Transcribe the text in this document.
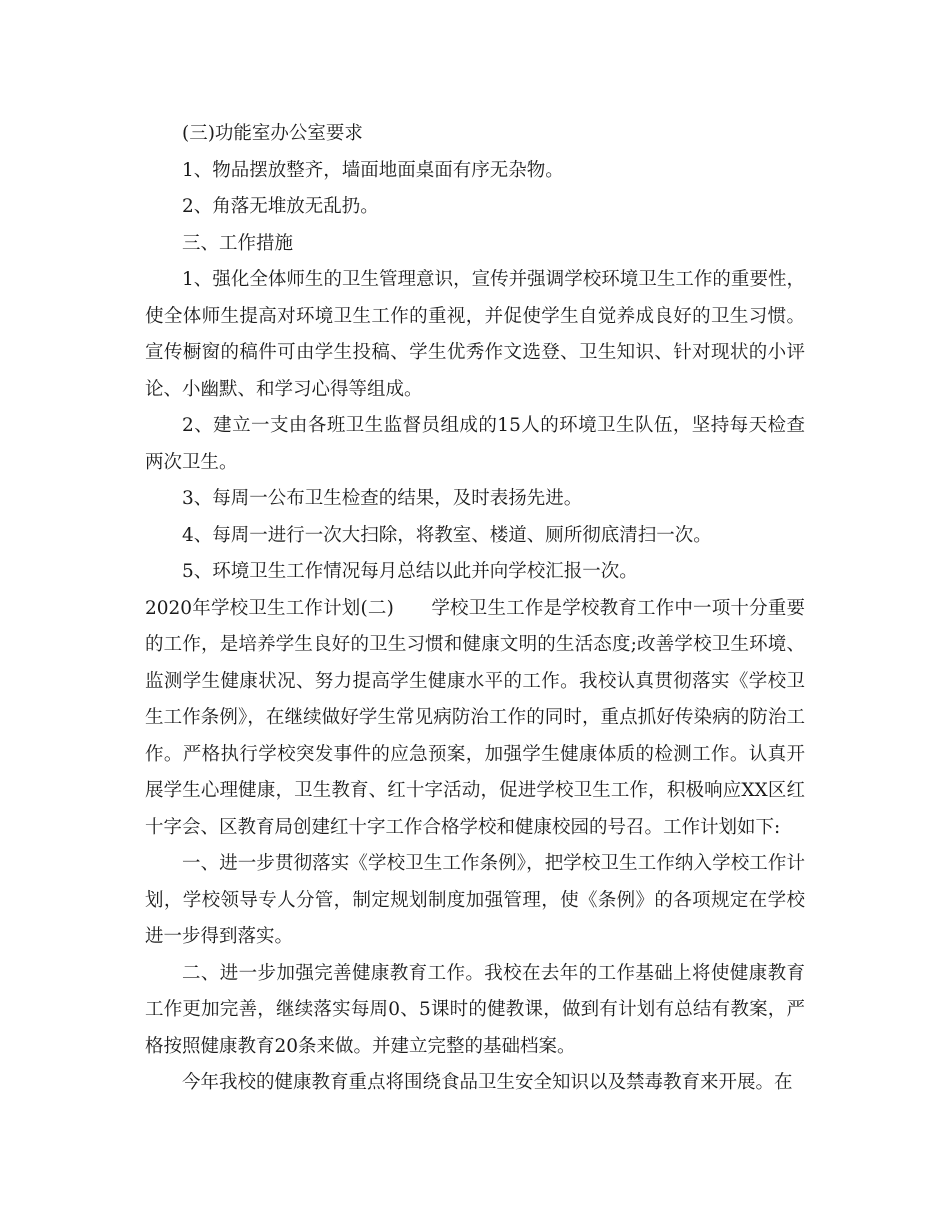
(三)功能室办公室要求

1、物品摆放整齐，墙面地面桌面有序无杂物。

2、角落无堆放无乱扔。

三、工作措施

1、强化全体师生的卫生管理意识，宣传并强调学校环境卫生工作的重要性，使全体师生提高对环境卫生工作的重视，并促使学生自觉养成良好的卫生习惯。宣传橱窗的稿件可由学生投稿、学生优秀作文选登、卫生知识、针对现状的小评论、小幽默、和学习心得等组成。

2、建立一支由各班卫生监督员组成的15人的环境卫生队伍，坚持每天检查两次卫生。

3、每周一公布卫生检查的结果，及时表扬先进。

4、每周一进行一次大扫除，将教室、楼道、厕所彻底清扫一次。

5、环境卫生工作情况每月总结以此并向学校汇报一次。

2020年学校卫生工作计划(二)　　学校卫生工作是学校教育工作中一项十分重要的工作，是培养学生良好的卫生习惯和健康文明的生活态度;改善学校卫生环境、监测学生健康状况、努力提高学生健康水平的工作。我校认真贯彻落实《学校卫生工作条例》，在继续做好学生常见病防治工作的同时，重点抓好传染病的防治工作。严格执行学校突发事件的应急预案，加强学生健康体质的检测工作。认真开展学生心理健康，卫生教育、红十字活动，促进学校卫生工作，积极响应XX区红十字会、区教育局创建红十字工作合格学校和健康校园的号召。工作计划如下:

一、进一步贯彻落实《学校卫生工作条例》，把学校卫生工作纳入学校工作计划，学校领导专人分管，制定规划制度加强管理，使《条例》的各项规定在学校进一步得到落实。

二、进一步加强完善健康教育工作。我校在去年的工作基础上将使健康教育工作更加完善，继续落实每周0、5课时的健教课，做到有计划有总结有教案，严格按照健康教育20条来做。并建立完整的基础档案。

今年我校的健康教育重点将围绕食品卫生安全知识以及禁毒教育来开展。在
